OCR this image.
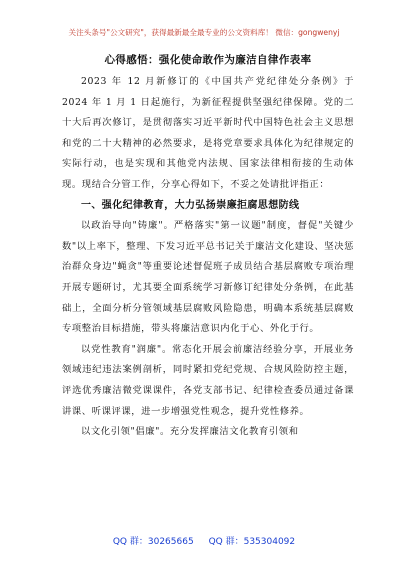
关注头条号"公文研究"，获得最新最全最专业的公文资料库！ 微信：gongwenyj
心得感悟：强化使命敢作为廉洁自律作表率

2023 年 12 月新修订的《中国共产党纪律处分条例》于 2024 年 1 月 1 日起施行，为新征程提供坚强纪律保障。党的二十大后再次修订，是贯彻落实习近平新时代中国特色社会主义思想和党的二十大精神的必然要求，是将党章要求具体化为纪律规定的实际行动，也是实现和其他党内法规、国家法律相衔接的生动体现。现结合分管工作，分享心得如下，不妥之处请批评指正：

一、强化纪律教育，大力弘扬崇廉拒腐思想防线

以政治导向"铸廉"。严格落实"第一议题"制度，督促"关键少数"以上率下，整理、下发习近平总书记关于廉洁文化建设、坚决惩治群众身边"蝇贪"等重要论述督促班子成员结合基层腐败专项治理开展专题研讨，尤其要全面系统学习新修订纪律处分条例，在此基础上，全面分析分管领域基层腐败风险隐患，明确本系统基层腐败专项整治目标措施，带头将廉洁意识内化于心、外化于行。

以党性教育"润廉"。常态化开展会前廉洁经验分享，开展业务领域违纪违法案例剖析，同时紧扣党纪党规、合规风险防控主题，评选优秀廉洁微党课课件，各党支部书记、纪律检查委员通过备课讲课、听课评课，进一步增强党性观念，提升党性修养。

以文化引领"倡廉"。充分发挥廉洁文化教育引领和

QQ 群：30265665 QQ 群：535304092
